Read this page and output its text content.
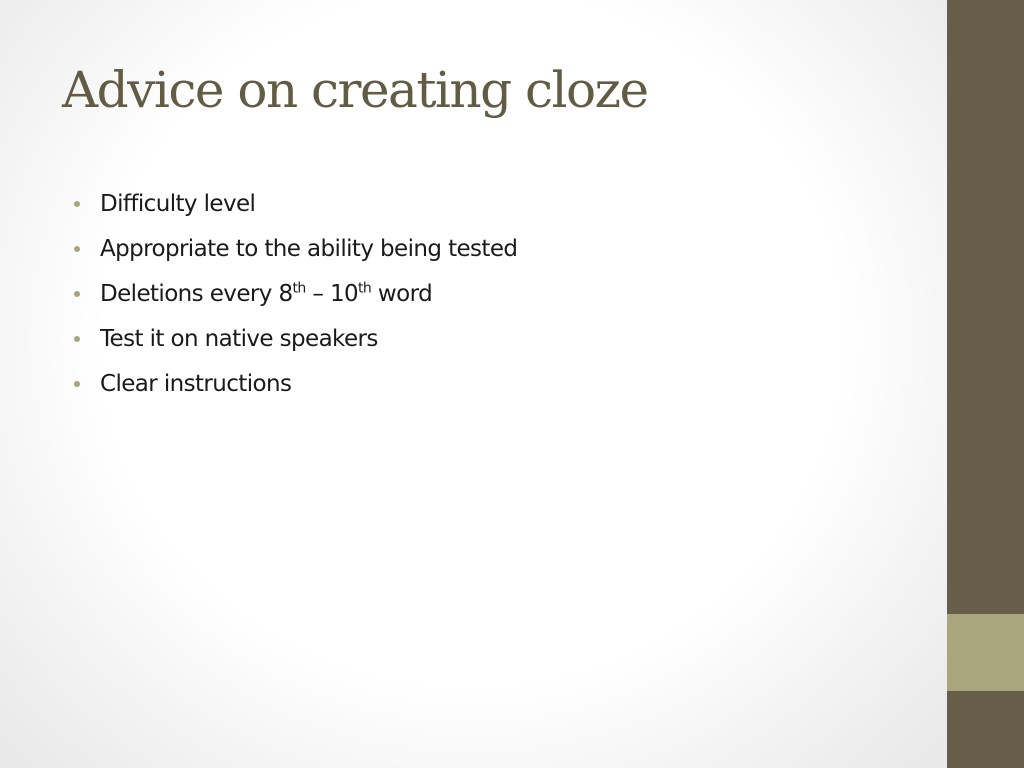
Advice on creating cloze
Difficulty level
Appropriate to the ability being tested
Deletions every 8th – 10th word
Test it on native speakers
Clear instructions
